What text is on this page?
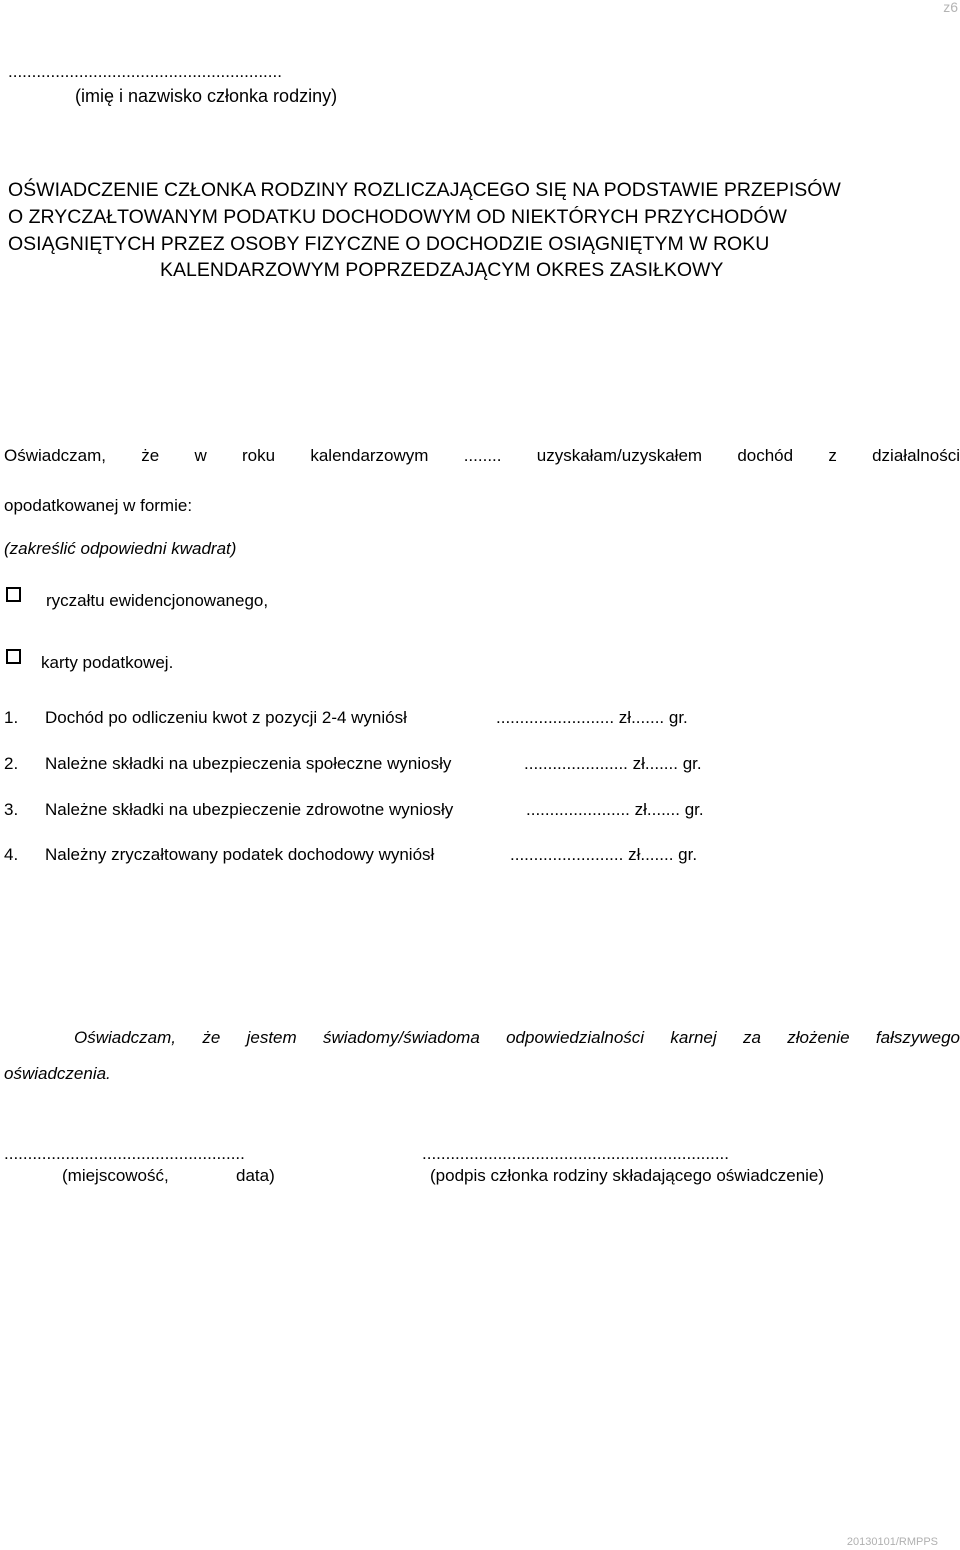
z6
..........................................................
(imię i nazwisko członka rodziny)
OŚWIADCZENIE CZŁONKA RODZINY ROZLICZAJĄCEGO SIĘ NA PODSTAWIE PRZEPISÓW
O ZRYCZAŁTOWANYM PODATKU DOCHODOWYM OD NIEKTÓRYCH PRZYCHODÓW
OSIĄGNIĘTYCH PRZEZ OSOBY FIZYCZNE O DOCHODZIE OSIĄGNIĘTYM W ROKU
KALENDARZOWYM POPRZEDZAJĄCYM OKRES ZASIŁKOWY
Oświadczam, że w roku kalendarzowym ........ uzyskałam/uzyskałem dochód z działalności
opodatkowanej w formie:
(zakreślić odpowiedni kwadrat)
ryczałtu ewidencjonowanego,
karty podatkowej.
1. Dochód po odliczeniu kwot z pozycji 2-4 wyniósł	......................... zł....... gr.
2. Należne składki na ubezpieczenia społeczne wyniosły	...................... zł....... gr.
3. Należne składki na ubezpieczenie zdrowotne wyniosły	...................... zł....... gr.
4. Należny zryczałtowany podatek dochodowy wyniósł	........................ zł....... gr.
Oświadczam, że jestem świadomy/świadoma odpowiedzialności karnej za złożenie fałszywego
oświadczenia.
...................................................
(miejscowość,	data)
.................................................................
(podpis członka rodziny składającego oświadczenie)
20130101/RMPPS
